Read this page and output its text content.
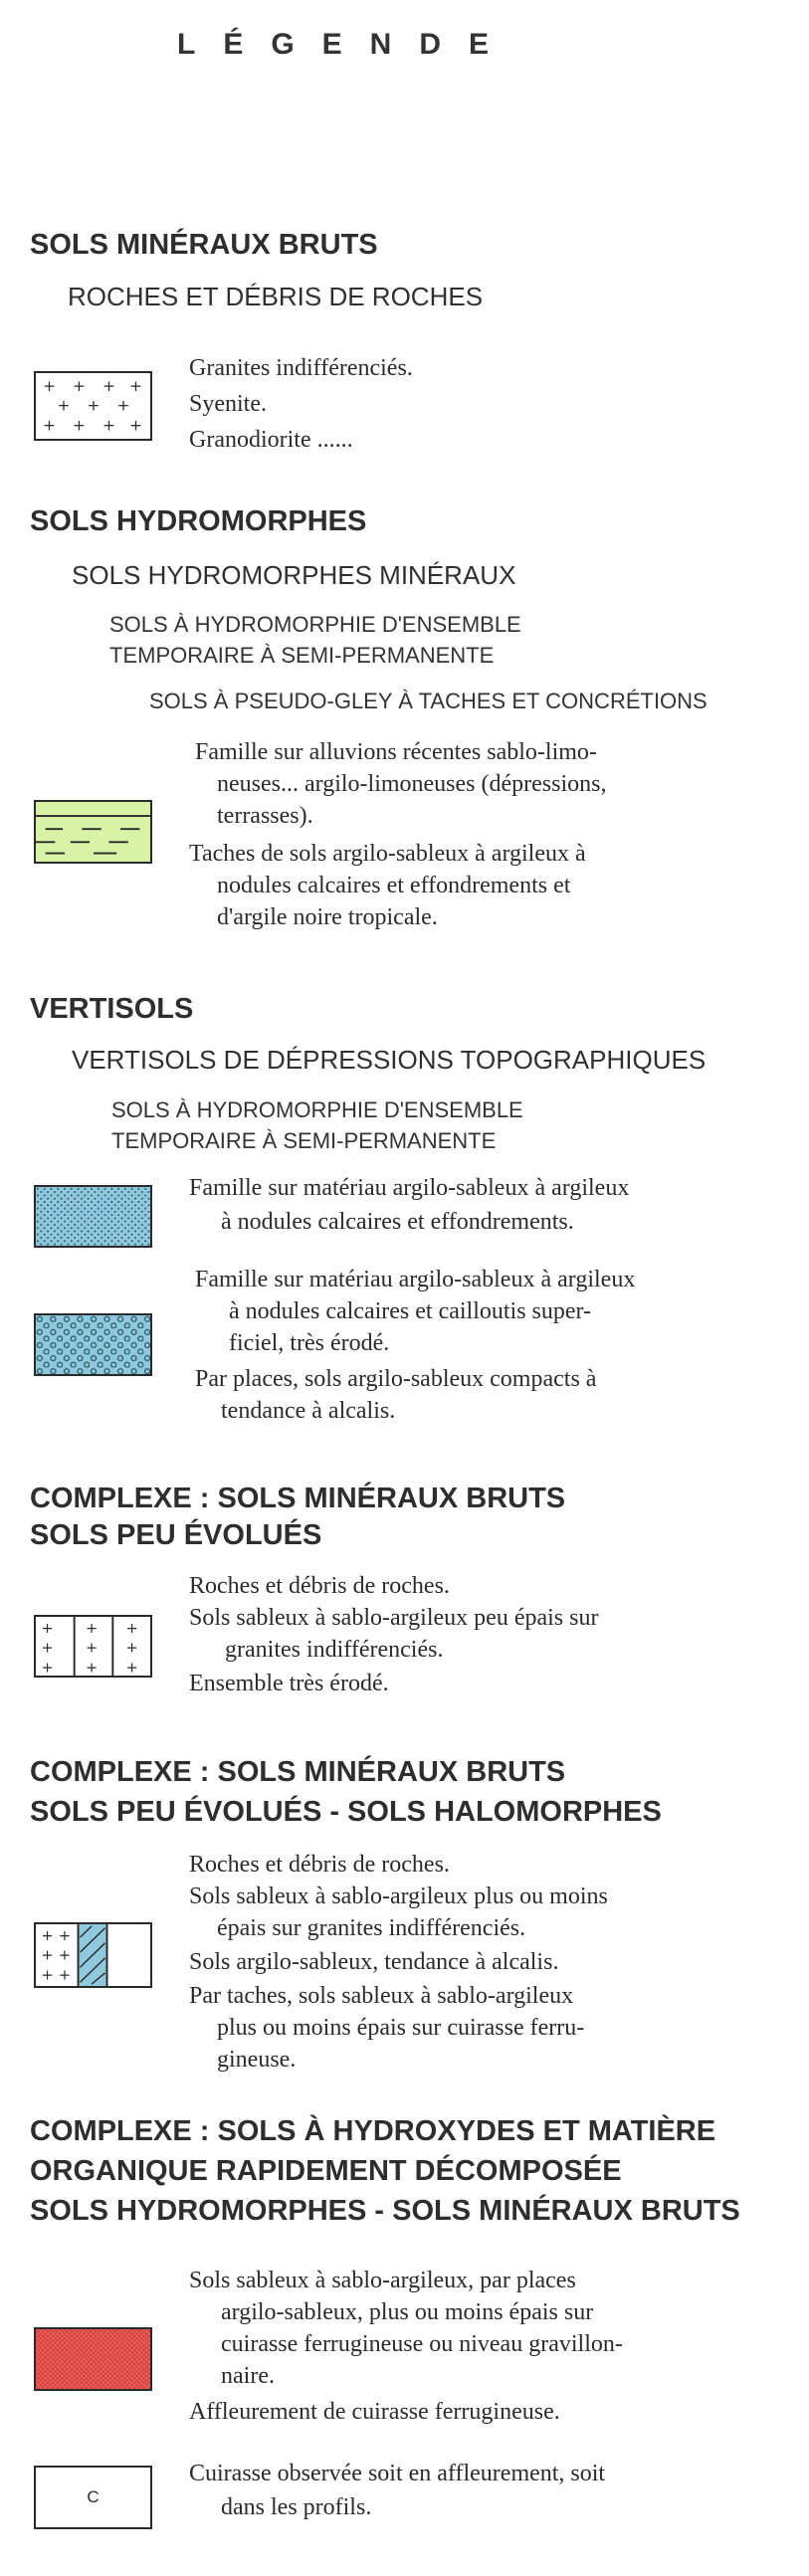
LÉGENDE
SOLS MINÉRAUX BRUTS
ROCHES ET DÉBRIS DE ROCHES
+ + + +
+ + +
+ + + +
Granites indifférenciés.
Syenite.
Granodiorite ......
SOLS HYDROMORPHES
SOLS HYDROMORPHES MINÉRAUX
SOLS À HYDROMORPHIE D'ENSEMBLE
TEMPORAIRE À SEMI-PERMANENTE
SOLS À PSEUDO-GLEY À TACHES ET CONCRÉTIONS
Famille sur alluvions récentes sablo-limo-
neuses... argilo-limoneuses (dépressions,
terrasses).
Taches de sols argilo-sableux à argileux à
nodules calcaires et effondrements et
d'argile noire tropicale.
VERTISOLS
VERTISOLS DE DÉPRESSIONS TOPOGRAPHIQUES
SOLS À HYDROMORPHIE D'ENSEMBLE
TEMPORAIRE À SEMI-PERMANENTE
Famille sur matériau argilo-sableux à argileux
à nodules calcaires et effondrements.
Famille sur matériau argilo-sableux à argileux
à nodules calcaires et cailloutis super-
ficiel, très érodé.
Par places, sols argilo-sableux compacts à
tendance à alcalis.
COMPLEXE : SOLS MINÉRAUX BRUTS
SOLS PEU ÉVOLUÉS
+ + +
+ + +
+ + +
Roches et débris de roches.
Sols sableux à sablo-argileux peu épais sur
granites indifférenciés.
Ensemble très érodé.
COMPLEXE : SOLS MINÉRAUX BRUTS
SOLS PEU ÉVOLUÉS - SOLS HALOMORPHES
+ +
+ +
+ +
Roches et débris de roches.
Sols sableux à sablo-argileux plus ou moins
épais sur granites indifférenciés.
Sols argilo-sableux, tendance à alcalis.
Par taches, sols sableux à sablo-argileux
plus ou moins épais sur cuirasse ferru-
gineuse.
COMPLEXE : SOLS À HYDROXYDES ET MATIÈRE
ORGANIQUE RAPIDEMENT DÉCOMPOSÉE
SOLS HYDROMORPHES - SOLS MINÉRAUX BRUTS
Sols sableux à sablo-argileux, par places
argilo-sableux, plus ou moins épais sur
cuirasse ferrugineuse ou niveau gravillon-
naire.
Affleurement de cuirasse ferrugineuse.
C
Cuirasse observée soit en affleurement, soit
dans les profils.
